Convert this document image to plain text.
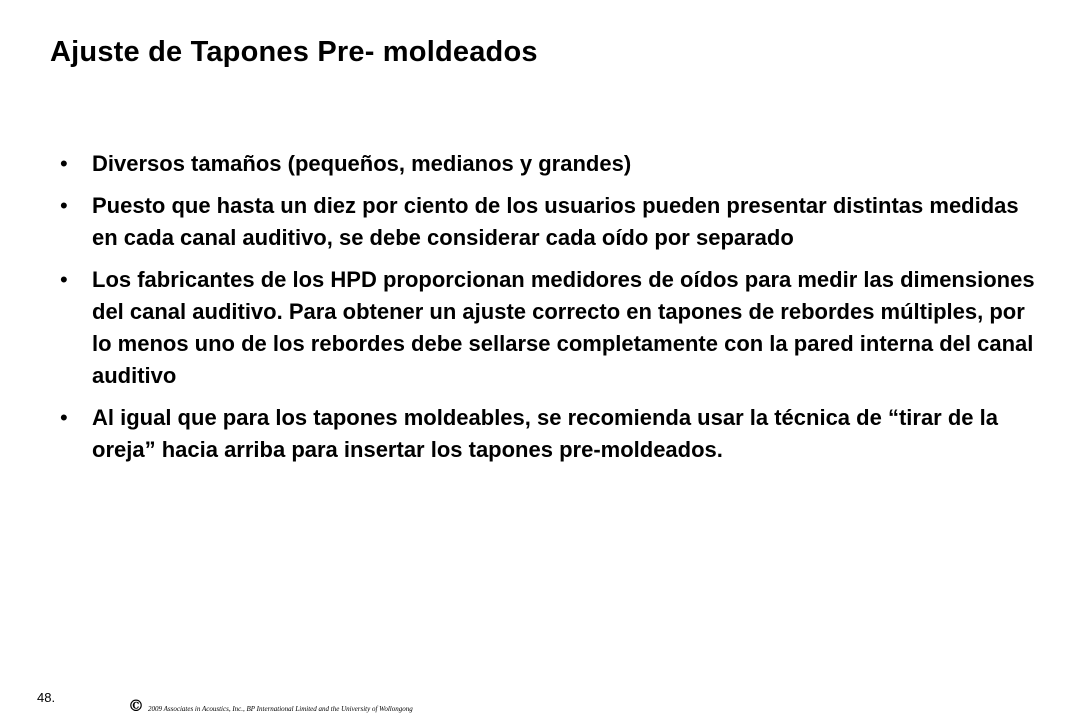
Ajuste de Tapones Pre- moldeados
• Diversos tamaños (pequeños, medianos y grandes)
• Puesto que hasta un diez por ciento de los usuarios pueden presentar distintas medidas en cada canal auditivo, se debe considerar cada oído por separado
• Los fabricantes de los HPD proporcionan medidores de oídos para medir las dimensiones del canal auditivo. Para obtener un ajuste correcto en tapones de rebordes múltiples, por lo menos uno de los rebordes debe sellarse completamente con la pared interna del canal auditivo
• Al igual que para los tapones moldeables, se recomienda usar la técnica de “tirar de la oreja” hacia arriba para insertar los tapones pre-moldeados.
48.	© 2009 Associates in Acoustics, Inc., BP International Limited and the University of Wollongong
